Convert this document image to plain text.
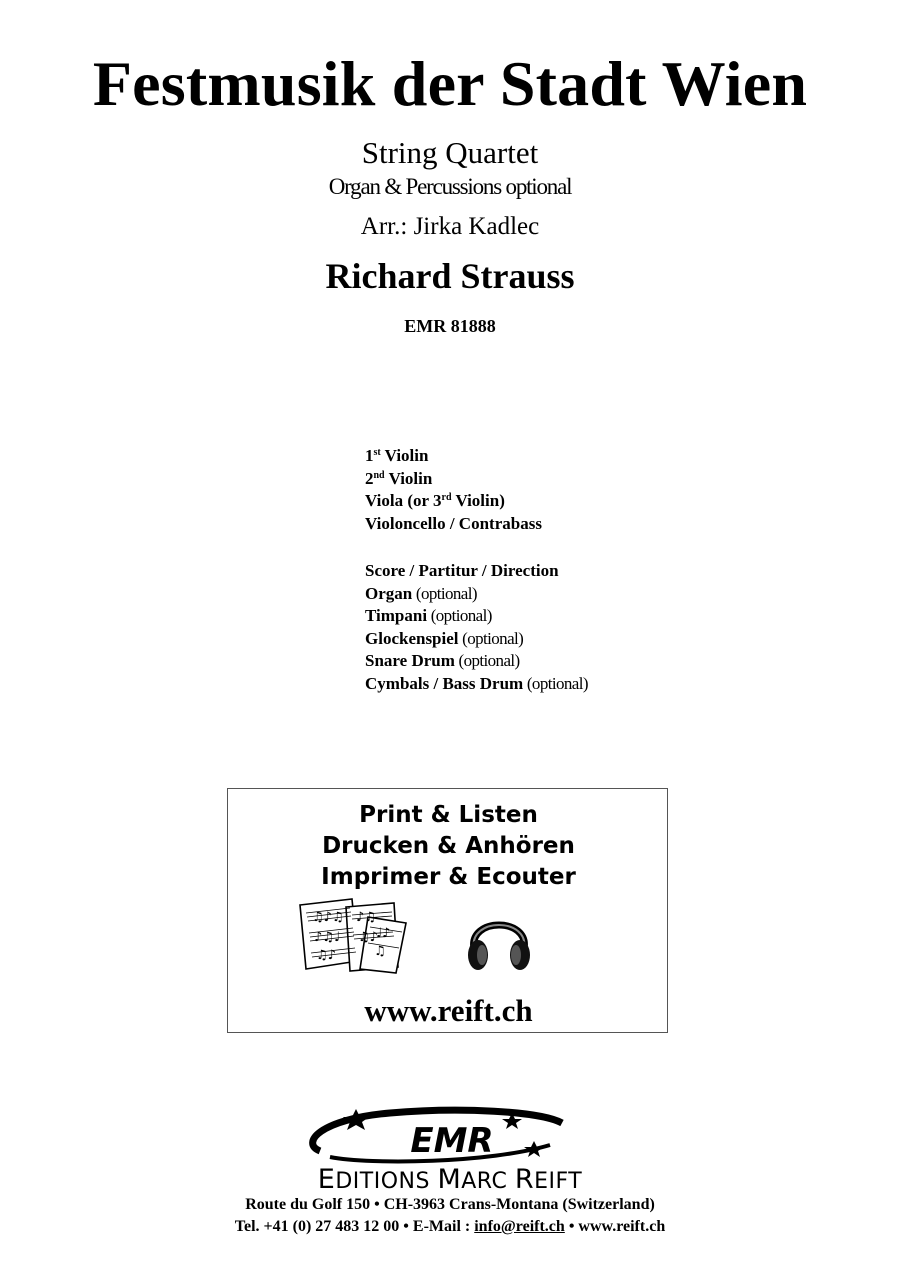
Festmusik der Stadt Wien
String Quartet
Organ & Percussions optional
Arr.: Jirka Kadlec
Richard Strauss
EMR 81888
1st Violin
2nd Violin
Viola (or 3rd Violin)
Violoncello / Contrabass
Score / Partitur / Direction
Organ (optional)
Timpani (optional)
Glockenspiel (optional)
Snare Drum (optional)
Cymbals / Bass Drum (optional)
Print & Listen
Drucken & Anhören
Imprimer & Ecouter
♫♪♫
♪♫♩
♫♪
♪♫
♫♪
♩♪
♫
www.reift.ch
EMR
EDITIONS MARC REIFT
Route du Golf 150 • CH-3963 Crans-Montana (Switzerland)
Tel. +41 (0) 27 483 12 00 • E-Mail : info@reift.ch • www.reift.ch
